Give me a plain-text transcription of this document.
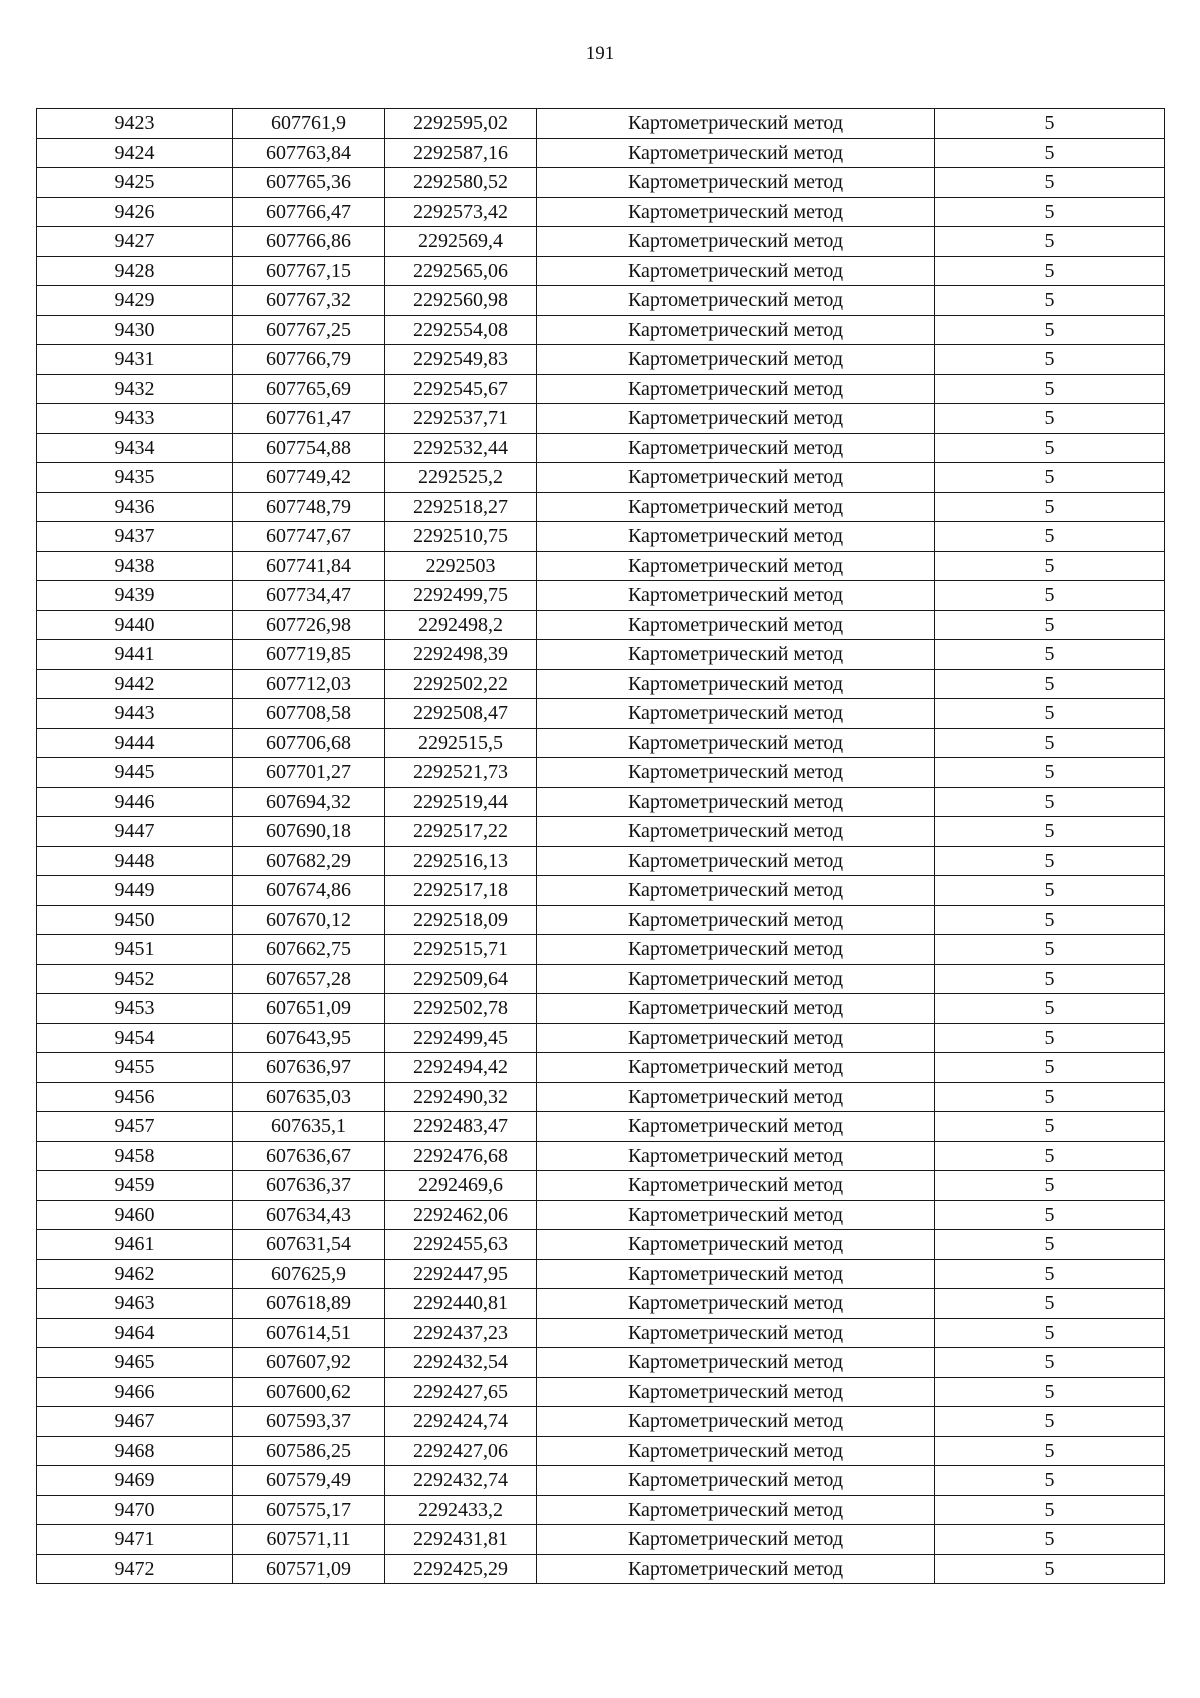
191
9423	607761,9	2292595,02	Картометрический метод	5
9424	607763,84	2292587,16	Картометрический метод	5
9425	607765,36	2292580,52	Картометрический метод	5
9426	607766,47	2292573,42	Картометрический метод	5
9427	607766,86	2292569,4	Картометрический метод	5
9428	607767,15	2292565,06	Картометрический метод	5
9429	607767,32	2292560,98	Картометрический метод	5
9430	607767,25	2292554,08	Картометрический метод	5
9431	607766,79	2292549,83	Картометрический метод	5
9432	607765,69	2292545,67	Картометрический метод	5
9433	607761,47	2292537,71	Картометрический метод	5
9434	607754,88	2292532,44	Картометрический метод	5
9435	607749,42	2292525,2	Картометрический метод	5
9436	607748,79	2292518,27	Картометрический метод	5
9437	607747,67	2292510,75	Картометрический метод	5
9438	607741,84	2292503	Картометрический метод	5
9439	607734,47	2292499,75	Картометрический метод	5
9440	607726,98	2292498,2	Картометрический метод	5
9441	607719,85	2292498,39	Картометрический метод	5
9442	607712,03	2292502,22	Картометрический метод	5
9443	607708,58	2292508,47	Картометрический метод	5
9444	607706,68	2292515,5	Картометрический метод	5
9445	607701,27	2292521,73	Картометрический метод	5
9446	607694,32	2292519,44	Картометрический метод	5
9447	607690,18	2292517,22	Картометрический метод	5
9448	607682,29	2292516,13	Картометрический метод	5
9449	607674,86	2292517,18	Картометрический метод	5
9450	607670,12	2292518,09	Картометрический метод	5
9451	607662,75	2292515,71	Картометрический метод	5
9452	607657,28	2292509,64	Картометрический метод	5
9453	607651,09	2292502,78	Картометрический метод	5
9454	607643,95	2292499,45	Картометрический метод	5
9455	607636,97	2292494,42	Картометрический метод	5
9456	607635,03	2292490,32	Картометрический метод	5
9457	607635,1	2292483,47	Картометрический метод	5
9458	607636,67	2292476,68	Картометрический метод	5
9459	607636,37	2292469,6	Картометрический метод	5
9460	607634,43	2292462,06	Картометрический метод	5
9461	607631,54	2292455,63	Картометрический метод	5
9462	607625,9	2292447,95	Картометрический метод	5
9463	607618,89	2292440,81	Картометрический метод	5
9464	607614,51	2292437,23	Картометрический метод	5
9465	607607,92	2292432,54	Картометрический метод	5
9466	607600,62	2292427,65	Картометрический метод	5
9467	607593,37	2292424,74	Картометрический метод	5
9468	607586,25	2292427,06	Картометрический метод	5
9469	607579,49	2292432,74	Картометрический метод	5
9470	607575,17	2292433,2	Картометрический метод	5
9471	607571,11	2292431,81	Картометрический метод	5
9472	607571,09	2292425,29	Картометрический метод	5
